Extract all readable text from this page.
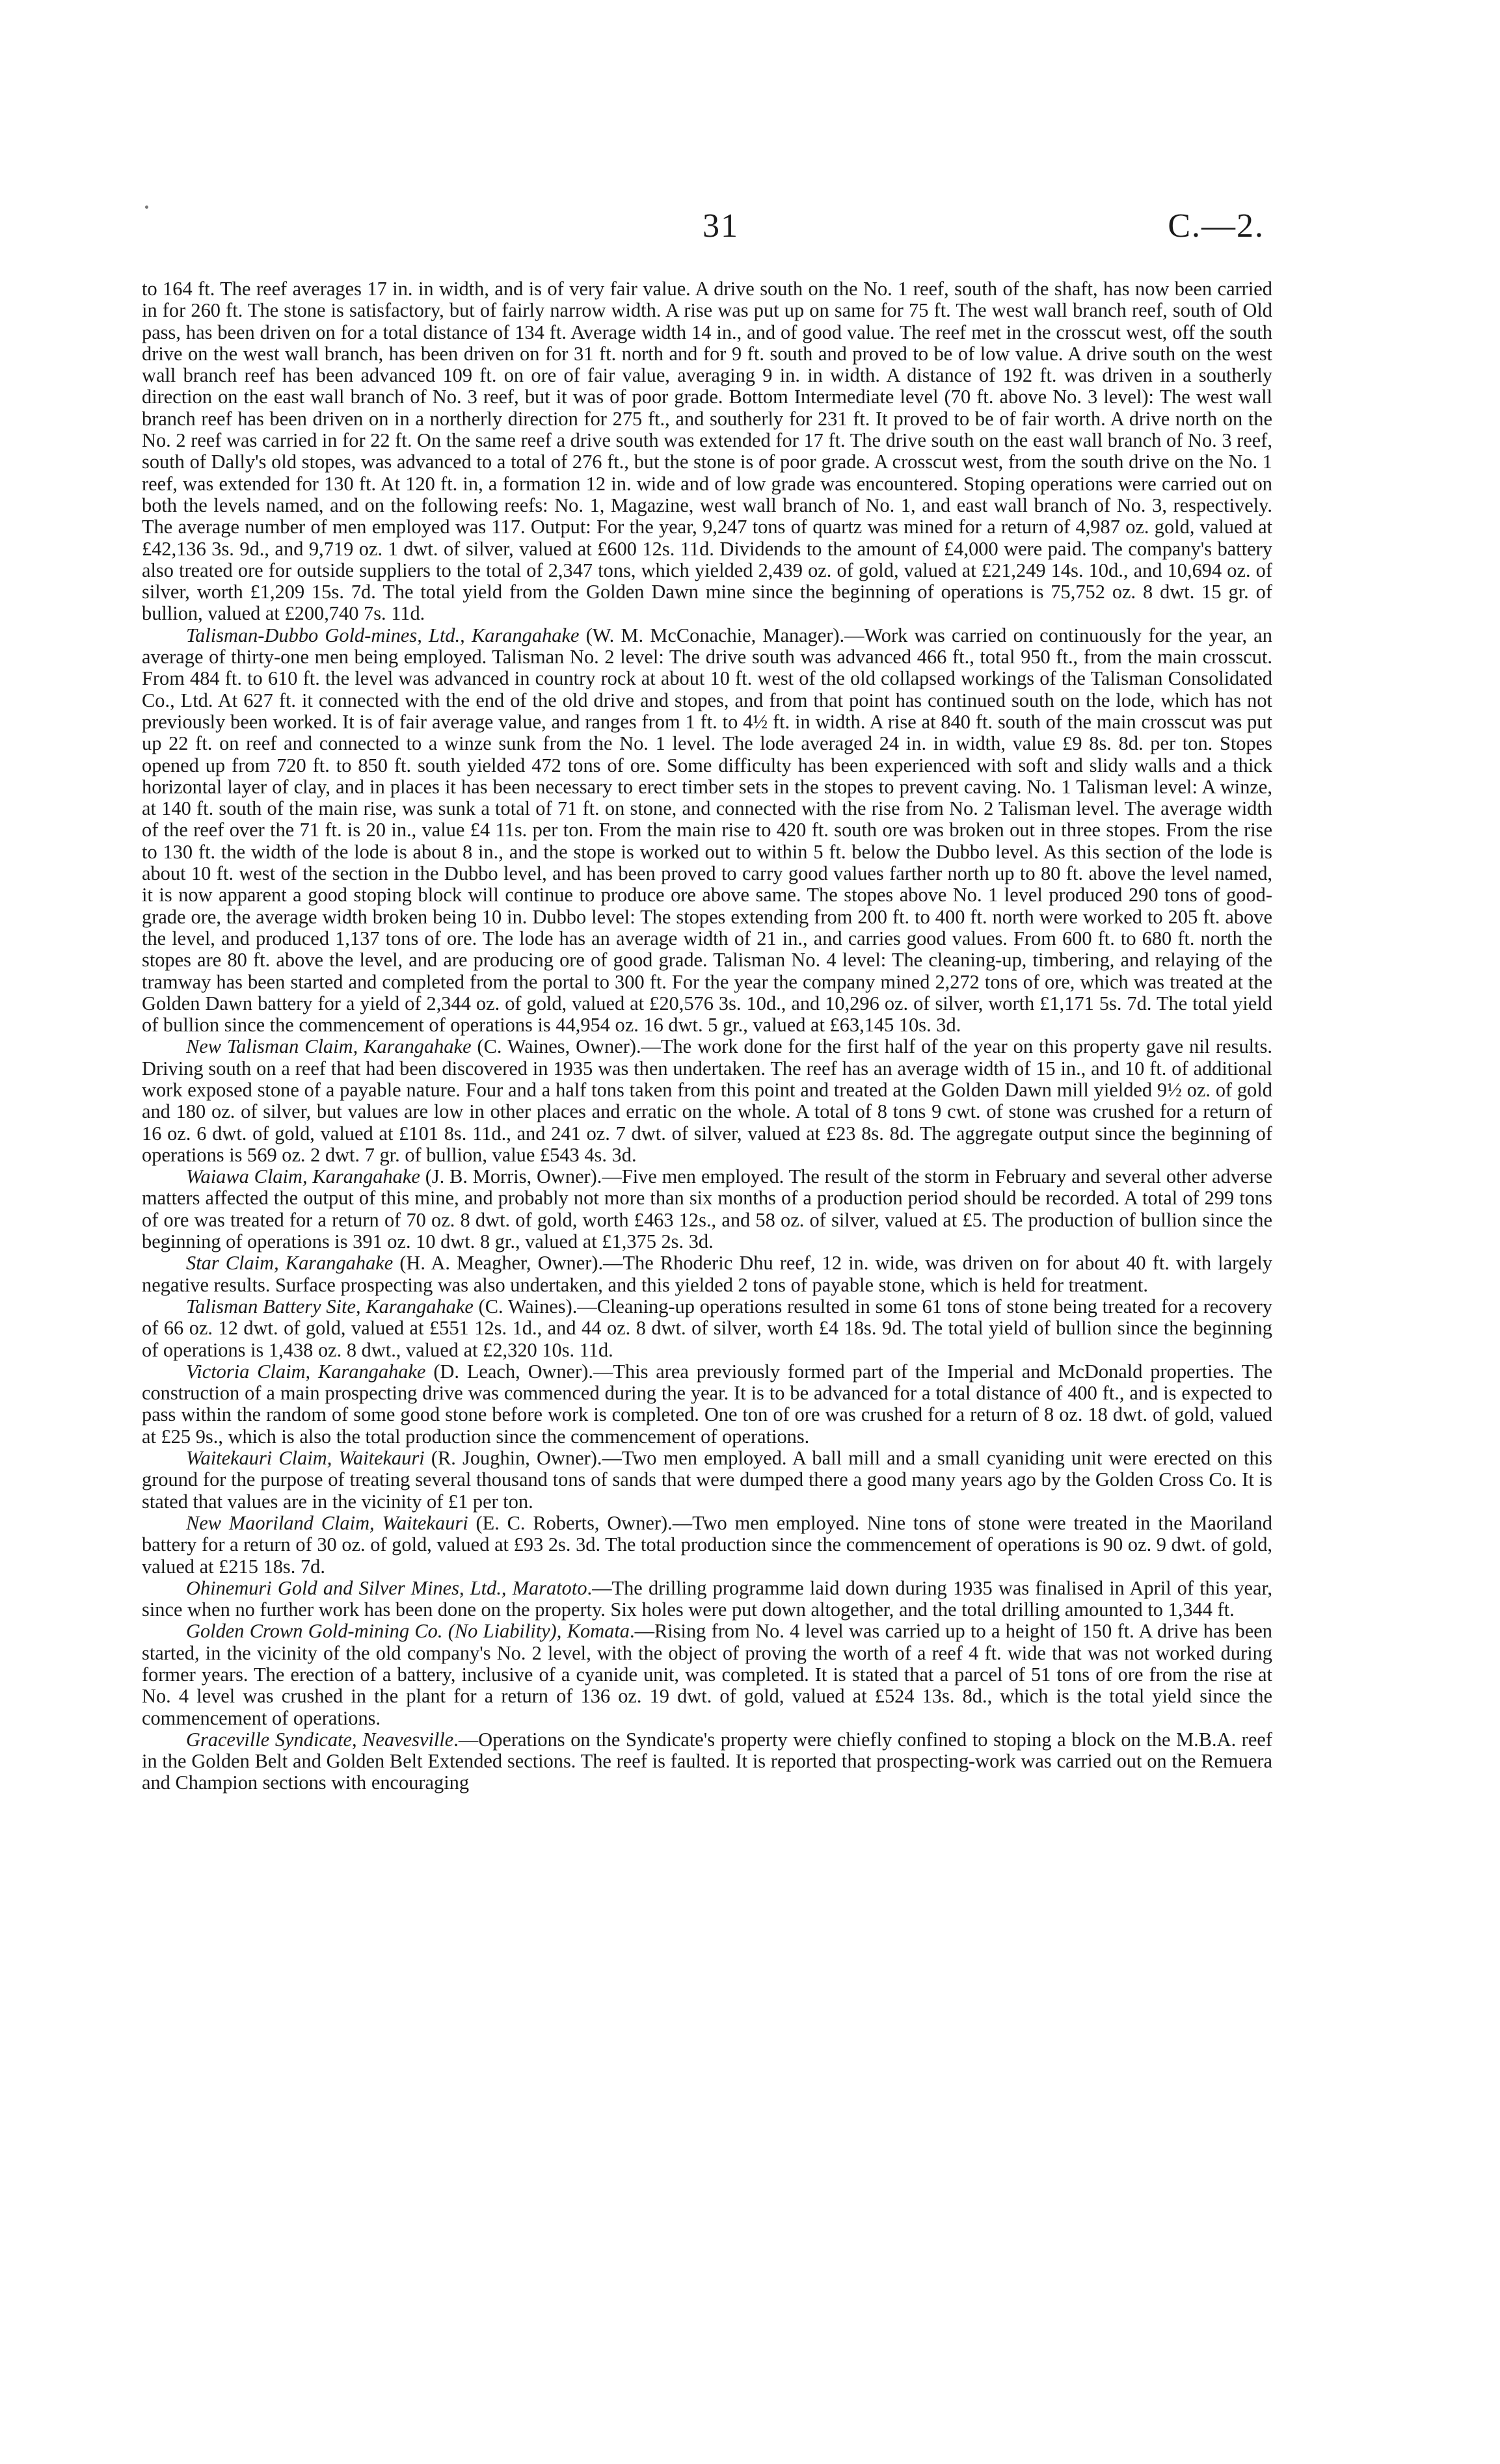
31	C.—2.

to 164 ft. The reef averages 17 in. in width, and is of very fair value. A drive south on the No. 1 reef, south of the shaft, has now been carried in for 260 ft. The stone is satisfactory, but of fairly narrow width. A rise was put up on same for 75 ft. The west wall branch reef, south of Old pass, has been driven on for a total distance of 134 ft. Average width 14 in., and of good value. The reef met in the crosscut west, off the south drive on the west wall branch, has been driven on for 31 ft. north and for 9 ft. south and proved to be of low value. A drive south on the west wall branch reef has been advanced 109 ft. on ore of fair value, averaging 9 in. in width. A distance of 192 ft. was driven in a southerly direction on the east wall branch of No. 3 reef, but it was of poor grade. Bottom Intermediate level (70 ft. above No. 3 level): The west wall branch reef has been driven on in a northerly direction for 275 ft., and southerly for 231 ft. It proved to be of fair worth. A drive north on the No. 2 reef was carried in for 22 ft. On the same reef a drive south was extended for 17 ft. The drive south on the east wall branch of No. 3 reef, south of Dally's old stopes, was advanced to a total of 276 ft., but the stone is of poor grade. A crosscut west, from the south drive on the No. 1 reef, was extended for 130 ft. At 120 ft. in, a formation 12 in. wide and of low grade was encountered. Stoping operations were carried out on both the levels named, and on the following reefs: No. 1, Magazine, west wall branch of No. 1, and east wall branch of No. 3, respectively. The average number of men employed was 117. Output: For the year, 9,247 tons of quartz was mined for a return of 4,987 oz. gold, valued at £42,136 3s. 9d., and 9,719 oz. 1 dwt. of silver, valued at £600 12s. 11d. Dividends to the amount of £4,000 were paid. The company's battery also treated ore for outside suppliers to the total of 2,347 tons, which yielded 2,439 oz. of gold, valued at £21,249 14s. 10d., and 10,694 oz. of silver, worth £1,209 15s. 7d. The total yield from the Golden Dawn mine since the beginning of operations is 75,752 oz. 8 dwt. 15 gr. of bullion, valued at £200,740 7s. 11d.

Talisman-Dubbo Gold-mines, Ltd., Karangahake (W. M. McConachie, Manager).—Work was carried on continuously for the year, an average of thirty-one men being employed. Talisman No. 2 level: The drive south was advanced 466 ft., total 950 ft., from the main crosscut. From 484 ft. to 610 ft. the level was advanced in country rock at about 10 ft. west of the old collapsed workings of the Talisman Consolidated Co., Ltd. At 627 ft. it connected with the end of the old drive and stopes, and from that point has continued south on the lode, which has not previously been worked. It is of fair average value, and ranges from 1 ft. to 4½ ft. in width. A rise at 840 ft. south of the main crosscut was put up 22 ft. on reef and connected to a winze sunk from the No. 1 level. The lode averaged 24 in. in width, value £9 8s. 8d. per ton. Stopes opened up from 720 ft. to 850 ft. south yielded 472 tons of ore. Some difficulty has been experienced with soft and slidy walls and a thick horizontal layer of clay, and in places it has been necessary to erect timber sets in the stopes to prevent caving. No. 1 Talisman level: A winze, at 140 ft. south of the main rise, was sunk a total of 71 ft. on stone, and connected with the rise from No. 2 Talisman level. The average width of the reef over the 71 ft. is 20 in., value £4 11s. per ton. From the main rise to 420 ft. south ore was broken out in three stopes. From the rise to 130 ft. the width of the lode is about 8 in., and the stope is worked out to within 5 ft. below the Dubbo level. As this section of the lode is about 10 ft. west of the section in the Dubbo level, and has been proved to carry good values farther north up to 80 ft. above the level named, it is now apparent a good stoping block will continue to produce ore above same. The stopes above No. 1 level produced 290 tons of good-grade ore, the average width broken being 10 in. Dubbo level: The stopes extending from 200 ft. to 400 ft. north were worked to 205 ft. above the level, and produced 1,137 tons of ore. The lode has an average width of 21 in., and carries good values. From 600 ft. to 680 ft. north the stopes are 80 ft. above the level, and are producing ore of good grade. Talisman No. 4 level: The cleaning-up, timbering, and relaying of the tramway has been started and completed from the portal to 300 ft. For the year the company mined 2,272 tons of ore, which was treated at the Golden Dawn battery for a yield of 2,344 oz. of gold, valued at £20,576 3s. 10d., and 10,296 oz. of silver, worth £1,171 5s. 7d. The total yield of bullion since the commencement of operations is 44,954 oz. 16 dwt. 5 gr., valued at £63,145 10s. 3d.

New Talisman Claim, Karangahake (C. Waines, Owner).—The work done for the first half of the year on this property gave nil results. Driving south on a reef that had been discovered in 1935 was then undertaken. The reef has an average width of 15 in., and 10 ft. of additional work exposed stone of a payable nature. Four and a half tons taken from this point and treated at the Golden Dawn mill yielded 9½ oz. of gold and 180 oz. of silver, but values are low in other places and erratic on the whole. A total of 8 tons 9 cwt. of stone was crushed for a return of 16 oz. 6 dwt. of gold, valued at £101 8s. 11d., and 241 oz. 7 dwt. of silver, valued at £23 8s. 8d. The aggregate output since the beginning of operations is 569 oz. 2 dwt. 7 gr. of bullion, value £543 4s. 3d.

Waiawa Claim, Karangahake (J. B. Morris, Owner).—Five men employed. The result of the storm in February and several other adverse matters affected the output of this mine, and probably not more than six months of a production period should be recorded. A total of 299 tons of ore was treated for a return of 70 oz. 8 dwt. of gold, worth £463 12s., and 58 oz. of silver, valued at £5. The production of bullion since the beginning of operations is 391 oz. 10 dwt. 8 gr., valued at £1,375 2s. 3d.

Star Claim, Karangahake (H. A. Meagher, Owner).—The Rhoderic Dhu reef, 12 in. wide, was driven on for about 40 ft. with largely negative results. Surface prospecting was also undertaken, and this yielded 2 tons of payable stone, which is held for treatment.

Talisman Battery Site, Karangahake (C. Waines).—Cleaning-up operations resulted in some 61 tons of stone being treated for a recovery of 66 oz. 12 dwt. of gold, valued at £551 12s. 1d., and 44 oz. 8 dwt. of silver, worth £4 18s. 9d. The total yield of bullion since the beginning of operations is 1,438 oz. 8 dwt., valued at £2,320 10s. 11d.

Victoria Claim, Karangahake (D. Leach, Owner).—This area previously formed part of the Imperial and McDonald properties. The construction of a main prospecting drive was commenced during the year. It is to be advanced for a total distance of 400 ft., and is expected to pass within the random of some good stone before work is completed. One ton of ore was crushed for a return of 8 oz. 18 dwt. of gold, valued at £25 9s., which is also the total production since the commencement of operations.

Waitekauri Claim, Waitekauri (R. Joughin, Owner).—Two men employed. A ball mill and a small cyaniding unit were erected on this ground for the purpose of treating several thousand tons of sands that were dumped there a good many years ago by the Golden Cross Co. It is stated that values are in the vicinity of £1 per ton.

New Maoriland Claim, Waitekauri (E. C. Roberts, Owner).—Two men employed. Nine tons of stone were treated in the Maoriland battery for a return of 30 oz. of gold, valued at £93 2s. 3d. The total production since the commencement of operations is 90 oz. 9 dwt. of gold, valued at £215 18s. 7d.

Ohinemuri Gold and Silver Mines, Ltd., Maratoto.—The drilling programme laid down during 1935 was finalised in April of this year, since when no further work has been done on the property. Six holes were put down altogether, and the total drilling amounted to 1,344 ft.

Golden Crown Gold-mining Co. (No Liability), Komata.—Rising from No. 4 level was carried up to a height of 150 ft. A drive has been started, in the vicinity of the old company's No. 2 level, with the object of proving the worth of a reef 4 ft. wide that was not worked during former years. The erection of a battery, inclusive of a cyanide unit, was completed. It is stated that a parcel of 51 tons of ore from the rise at No. 4 level was crushed in the plant for a return of 136 oz. 19 dwt. of gold, valued at £524 13s. 8d., which is the total yield since the commencement of operations.

Graceville Syndicate, Neavesville.—Operations on the Syndicate's property were chiefly confined to stoping a block on the M.B.A. reef in the Golden Belt and Golden Belt Extended sections. The reef is faulted. It is reported that prospecting-work was carried out on the Remuera and Champion sections with encouraging
